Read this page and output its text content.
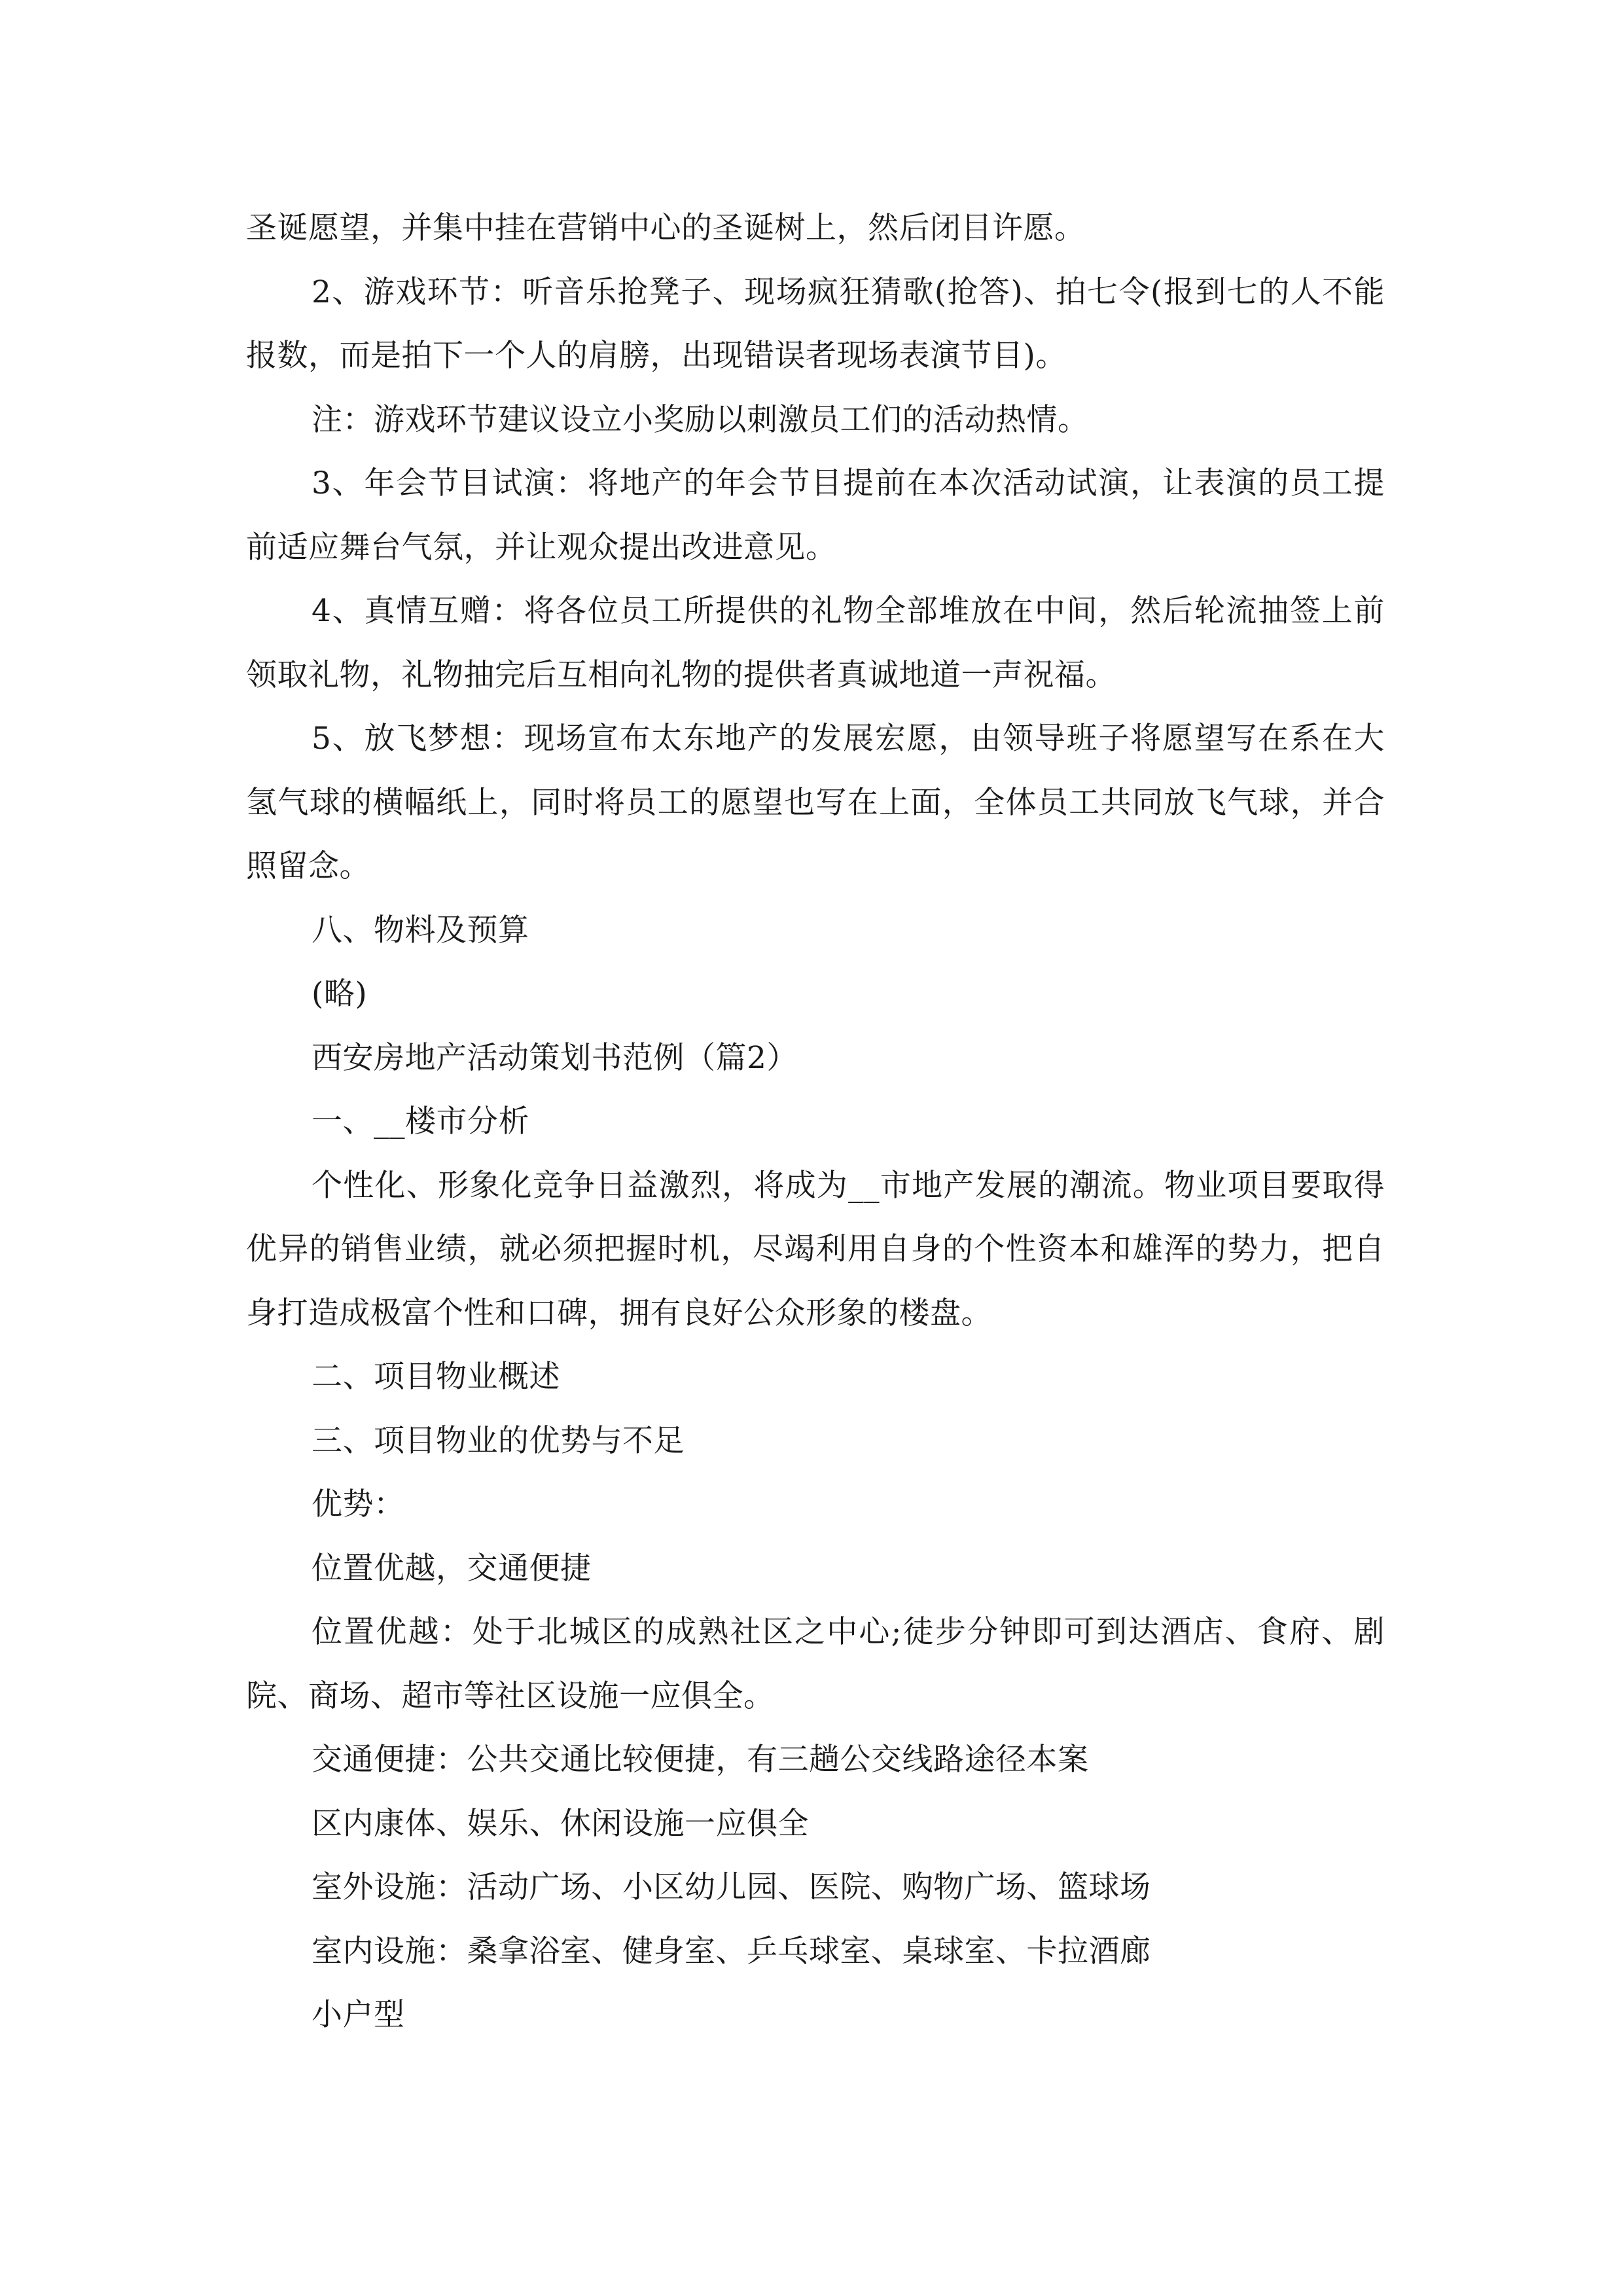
圣诞愿望，并集中挂在营销中心的圣诞树上，然后闭目许愿。

2、游戏环节：听音乐抢凳子、现场疯狂猜歌(抢答)、拍七令(报到七的人不能报数，而是拍下一个人的肩膀，出现错误者现场表演节目)。

注：游戏环节建议设立小奖励以刺激员工们的活动热情。

3、年会节目试演：将地产的年会节目提前在本次活动试演，让表演的员工提前适应舞台气氛，并让观众提出改进意见。

4、真情互赠：将各位员工所提供的礼物全部堆放在中间，然后轮流抽签上前领取礼物，礼物抽完后互相向礼物的提供者真诚地道一声祝福。

5、放飞梦想：现场宣布太东地产的发展宏愿，由领导班子将愿望写在系在大氢气球的横幅纸上，同时将员工的愿望也写在上面，全体员工共同放飞气球，并合照留念。

八、物料及预算

(略)

西安房地产活动策划书范例（篇2）

一、__楼市分析

个性化、形象化竞争日益激烈，将成为__市地产发展的潮流。物业项目要取得优异的销售业绩，就必须把握时机，尽竭利用自身的个性资本和雄浑的势力，把自身打造成极富个性和口碑，拥有良好公众形象的楼盘。

二、项目物业概述

三、项目物业的优势与不足

优势：

位置优越，交通便捷

位置优越：处于北城区的成熟社区之中心;徒步分钟即可到达酒店、食府、剧院、商场、超市等社区设施一应俱全。

交通便捷：公共交通比较便捷，有三趟公交线路途径本案

区内康体、娱乐、休闲设施一应俱全

室外设施：活动广场、小区幼儿园、医院、购物广场、篮球场

室内设施：桑拿浴室、健身室、乒乓球室、桌球室、卡拉酒廊

小户型
